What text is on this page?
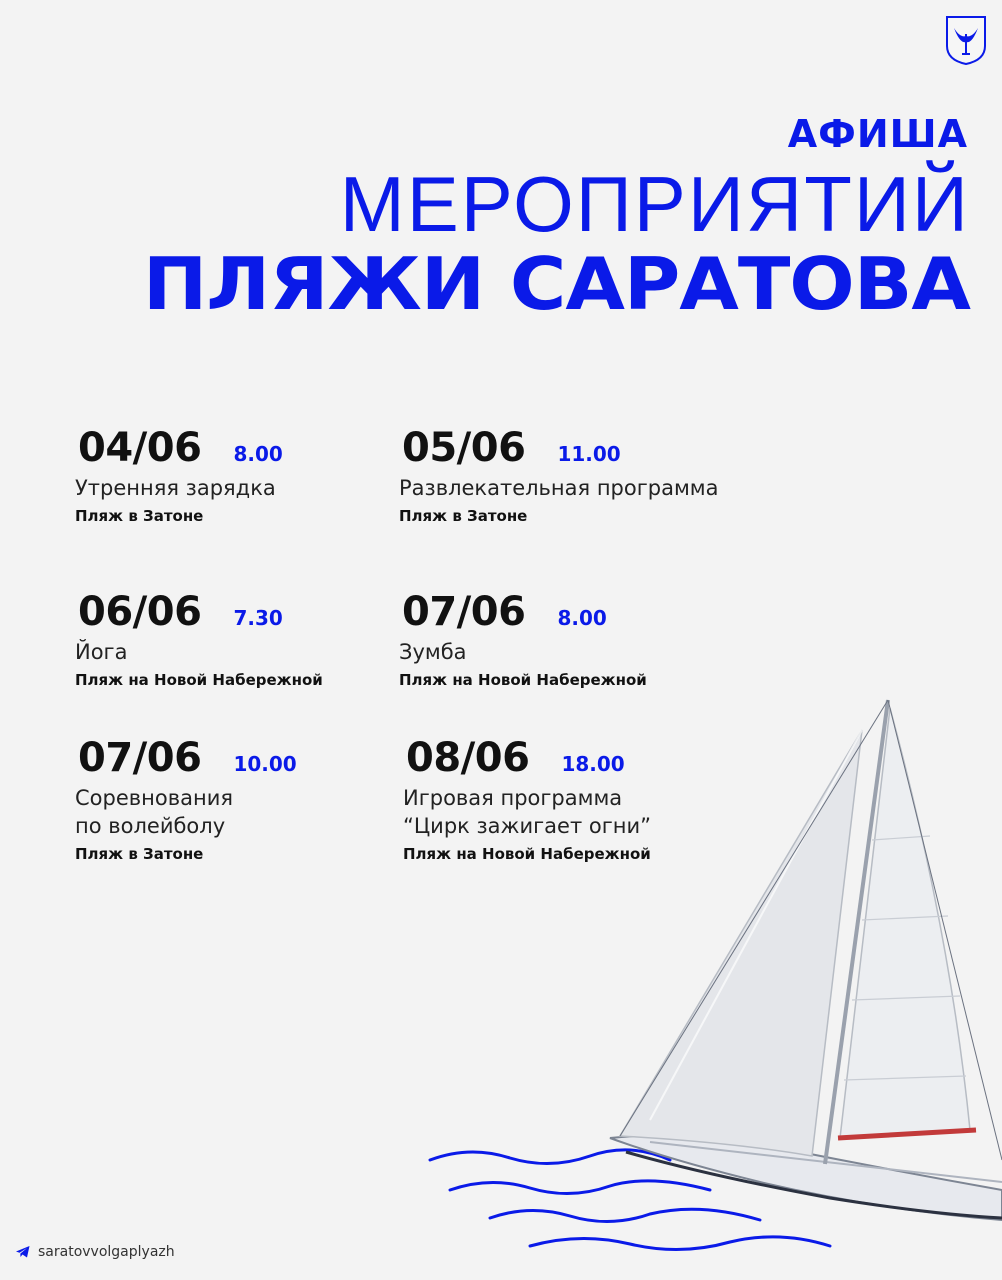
АФИША
МЕРОПРИЯТИЙ
ПЛЯЖИ САРАТОВА
04/06 8.00
Утренняя зарядка
Пляж в Затоне
05/06 11.00
Развлекательная программа
Пляж в Затоне
06/06 7.30
Йога
Пляж на Новой Набережной
07/06 8.00
Зумба
Пляж на Новой Набережной
07/06 10.00
Соревнования
по волейболу
Пляж в Затоне
08/06 18.00
Игровая программа
“Цирк зажигает огни”
Пляж на Новой Набережной
saratovvolgaplyazh
